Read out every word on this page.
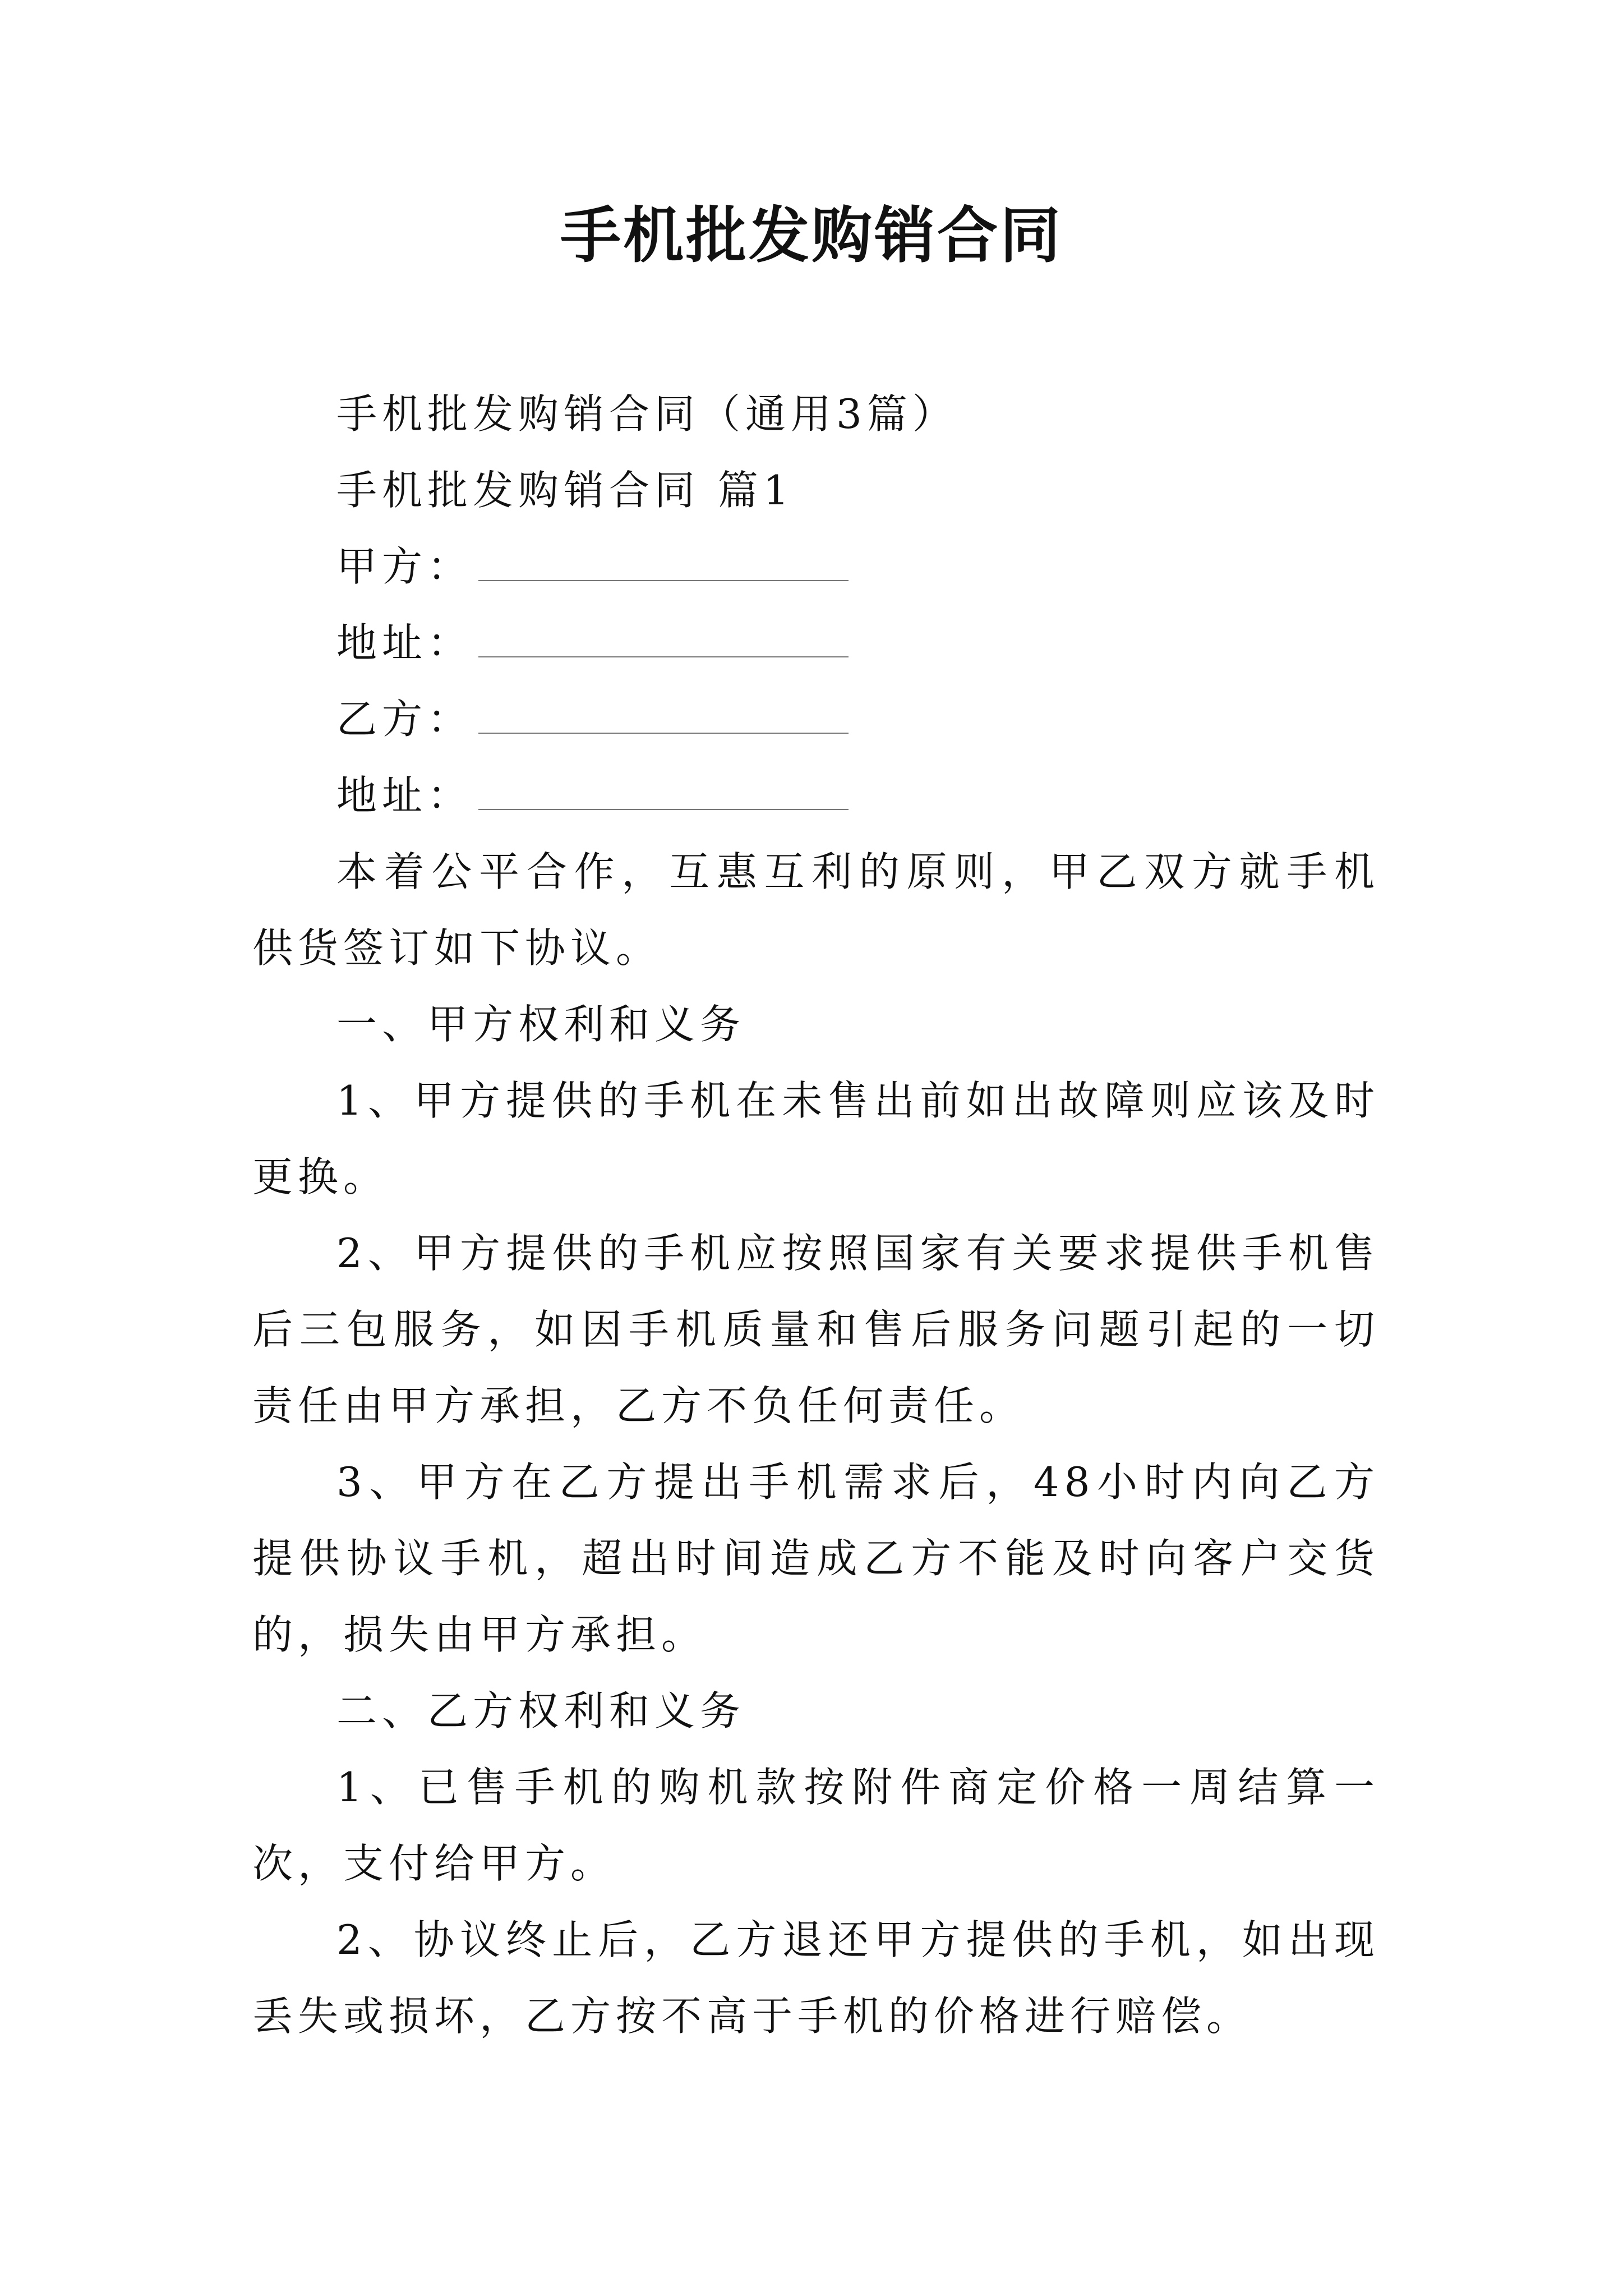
手机批发购销合同

手机批发购销合同（通用3篇）

手机批发购销合同 篇1

甲方：
地址：
乙方：
地址：

本着公平合作，互惠互利的原则，甲乙双方就手机供货签订如下协议。

一、甲方权利和义务

1、甲方提供的手机在未售出前如出故障则应该及时更换。

2、甲方提供的手机应按照国家有关要求提供手机售后三包服务，如因手机质量和售后服务问题引起的一切责任由甲方承担，乙方不负任何责任。

3、甲方在乙方提出手机需求后，48小时内向乙方提供协议手机，超出时间造成乙方不能及时向客户交货的，损失由甲方承担。

二、乙方权利和义务

1、已售手机的购机款按附件商定价格一周结算一次，支付给甲方。

2、协议终止后，乙方退还甲方提供的手机，如出现丢失或损坏，乙方按不高于手机的价格进行赔偿。
